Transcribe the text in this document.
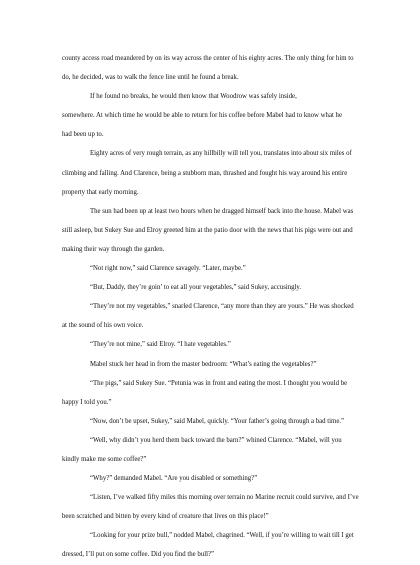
county access road meandered by on its way across the center of his eighty acres. The only thing for him to
do, he decided, was to walk the fence line until he found a break.

If he found no breaks, he would then know that Woodrow was safely inside,

somewhere. At which time he would be able to return for his coffee before Mabel had to know what he
had been up to.

Eighty acres of very rough terrain, as any hillbilly will tell you, translates into about six miles of
climbing and falling. And Clarence, being a stubborn man, thrashed and fought his way around his entire
property that early morning.

The sun had been up at least two hours when he dragged himself back into the house. Mabel was
still asleep, but Sukey Sue and Elroy greeted him at the patio door with the news that his pigs were out and
making their way through the garden.

“Not right now,” said Clarence savagely. “Later, maybe.”

“But, Daddy, they’re goin’ to eat all your vegetables,” said Sukey, accusingly.

“They’re not my vegetables,” snarled Clarence, “any more than they are yours.” He was shocked
at the sound of his own voice.

“They’re not mine,” said Elroy. “I hate vegetables.”

Mabel stuck her head in from the master bedroom: “What’s eating the vegetables?”

“The pigs,” said Sukey Sue. “Petunia was in front and eating the most. I thought you would be
happy I told you.”

“Now, don’t be upset, Sukey,” said Mabel, quickly. “Your father’s going through a bad time.”

“Well, why didn’t you herd them back toward the barn?” whined Clarence. “Mabel, will you
kindly make me some coffee?”

“Why?” demanded Mabel. “Are you disabled or something?”

“Listen, I’ve walked fifty miles this morning over terrain no Marine recruit could survive, and I’ve
been scratched and bitten by every kind of creature that lives on this place!”

“Looking for your prize bull,” nodded Mabel, chagrined. “Well, if you’re willing to wait till I get
dressed, I’ll put on some coffee. Did you find the bull?”
